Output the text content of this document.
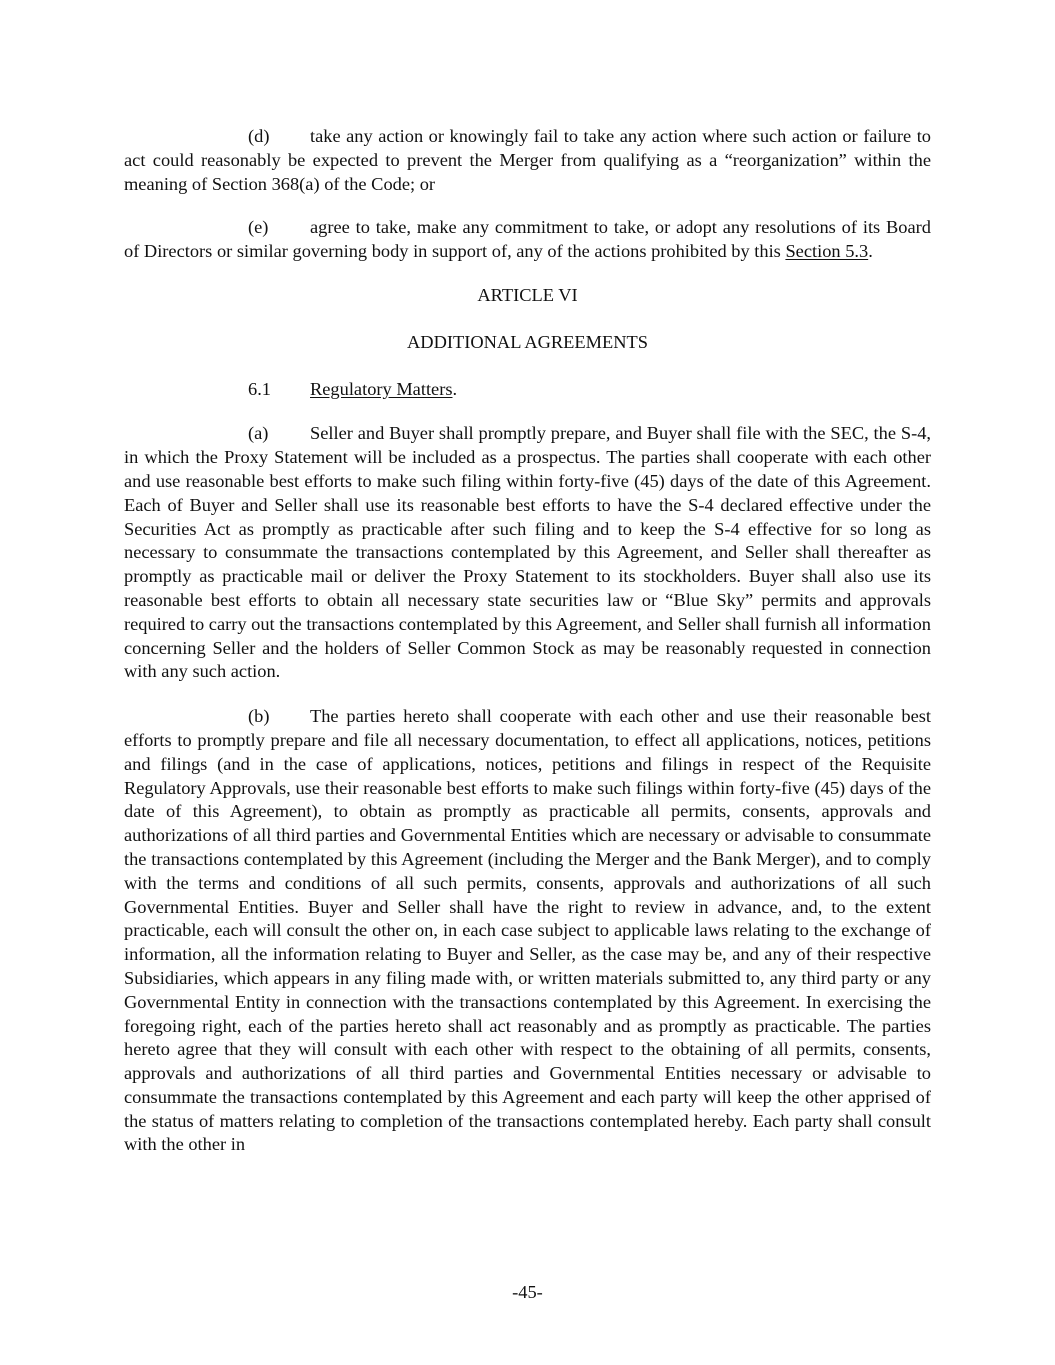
(d) take any action or knowingly fail to take any action where such action or failure to act could reasonably be expected to prevent the Merger from qualifying as a “reorganization” within the meaning of Section 368(a) of the Code; or

(e) agree to take, make any commitment to take, or adopt any resolutions of its Board of Directors or similar governing body in support of, any of the actions prohibited by this Section 5.3.

ARTICLE VI

ADDITIONAL AGREEMENTS

6.1 Regulatory Matters.

(a) Seller and Buyer shall promptly prepare, and Buyer shall file with the SEC, the S-4, in which the Proxy Statement will be included as a prospectus. The parties shall cooperate with each other and use reasonable best efforts to make such filing within forty-five (45) days of the date of this Agreement. Each of Buyer and Seller shall use its reasonable best efforts to have the S-4 declared effective under the Securities Act as promptly as practicable after such filing and to keep the S-4 effective for so long as necessary to consummate the transactions contemplated by this Agreement, and Seller shall thereafter as promptly as practicable mail or deliver the Proxy Statement to its stockholders. Buyer shall also use its reasonable best efforts to obtain all necessary state securities law or “Blue Sky” permits and approvals required to carry out the transactions contemplated by this Agreement, and Seller shall furnish all information concerning Seller and the holders of Seller Common Stock as may be reasonably requested in connection with any such action.

(b) The parties hereto shall cooperate with each other and use their reasonable best efforts to promptly prepare and file all necessary documentation, to effect all applications, notices, petitions and filings (and in the case of applications, notices, petitions and filings in respect of the Requisite Regulatory Approvals, use their reasonable best efforts to make such filings within forty-five (45) days of the date of this Agreement), to obtain as promptly as practicable all permits, consents, approvals and authorizations of all third parties and Governmental Entities which are necessary or advisable to consummate the transactions contemplated by this Agreement (including the Merger and the Bank Merger), and to comply with the terms and conditions of all such permits, consents, approvals and authorizations of all such Governmental Entities. Buyer and Seller shall have the right to review in advance, and, to the extent practicable, each will consult the other on, in each case subject to applicable laws relating to the exchange of information, all the information relating to Buyer and Seller, as the case may be, and any of their respective Subsidiaries, which appears in any filing made with, or written materials submitted to, any third party or any Governmental Entity in connection with the transactions contemplated by this Agreement. In exercising the foregoing right, each of the parties hereto shall act reasonably and as promptly as practicable. The parties hereto agree that they will consult with each other with respect to the obtaining of all permits, consents, approvals and authorizations of all third parties and Governmental Entities necessary or advisable to consummate the transactions contemplated by this Agreement and each party will keep the other apprised of the status of matters relating to completion of the transactions contemplated hereby. Each party shall consult with the other in

-45-
